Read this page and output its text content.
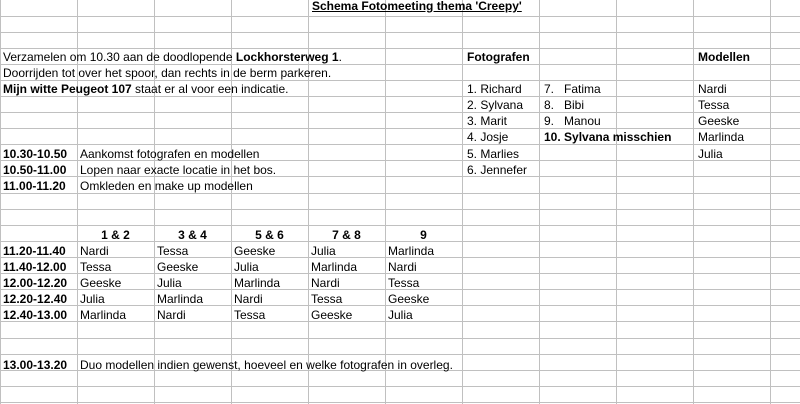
Schema Fotomeeting thema 'Creepy'
Verzamelen om 10.30 aan de doodlopende Lockhorsterweg 1.
Doorrijden tot over het spoor, dan rechts in de berm parkeren.
Mijn witte Peugeot 107 staat er al voor een indicatie.
10.30-10.50 Aankomst fotografen en modellen
10.50-11.00 Lopen naar exacte locatie in het bos.
11.00-11.20 Omkleden en make up modellen
Fotografen
1. Richard
2. Sylvana
3. Marit
4. Josje
5. Marlies
6. Jennefer
7.   Fatima
8.   Bibi
9.   Manou
10. Sylvana misschien
Modellen
Nardi
Tessa
Geeske
Marlinda
Julia
1 & 2	3 & 4	5 & 6	7 & 8	9
11.20-11.40 Nardi	Tessa	Geeske	Julia	Marlinda
11.40-12.00 Tessa	Geeske	Julia	Marlinda	Nardi
12.00-12.20 Geeske	Julia	Marlinda	Nardi	Tessa
12.20-12.40 Julia	Marlinda	Nardi	Tessa	Geeske
12.40-13.00 Marlinda	Nardi	Tessa	Geeske	Julia
13.00-13.20 Duo modellen indien gewenst, hoeveel en welke fotografen in overleg.
